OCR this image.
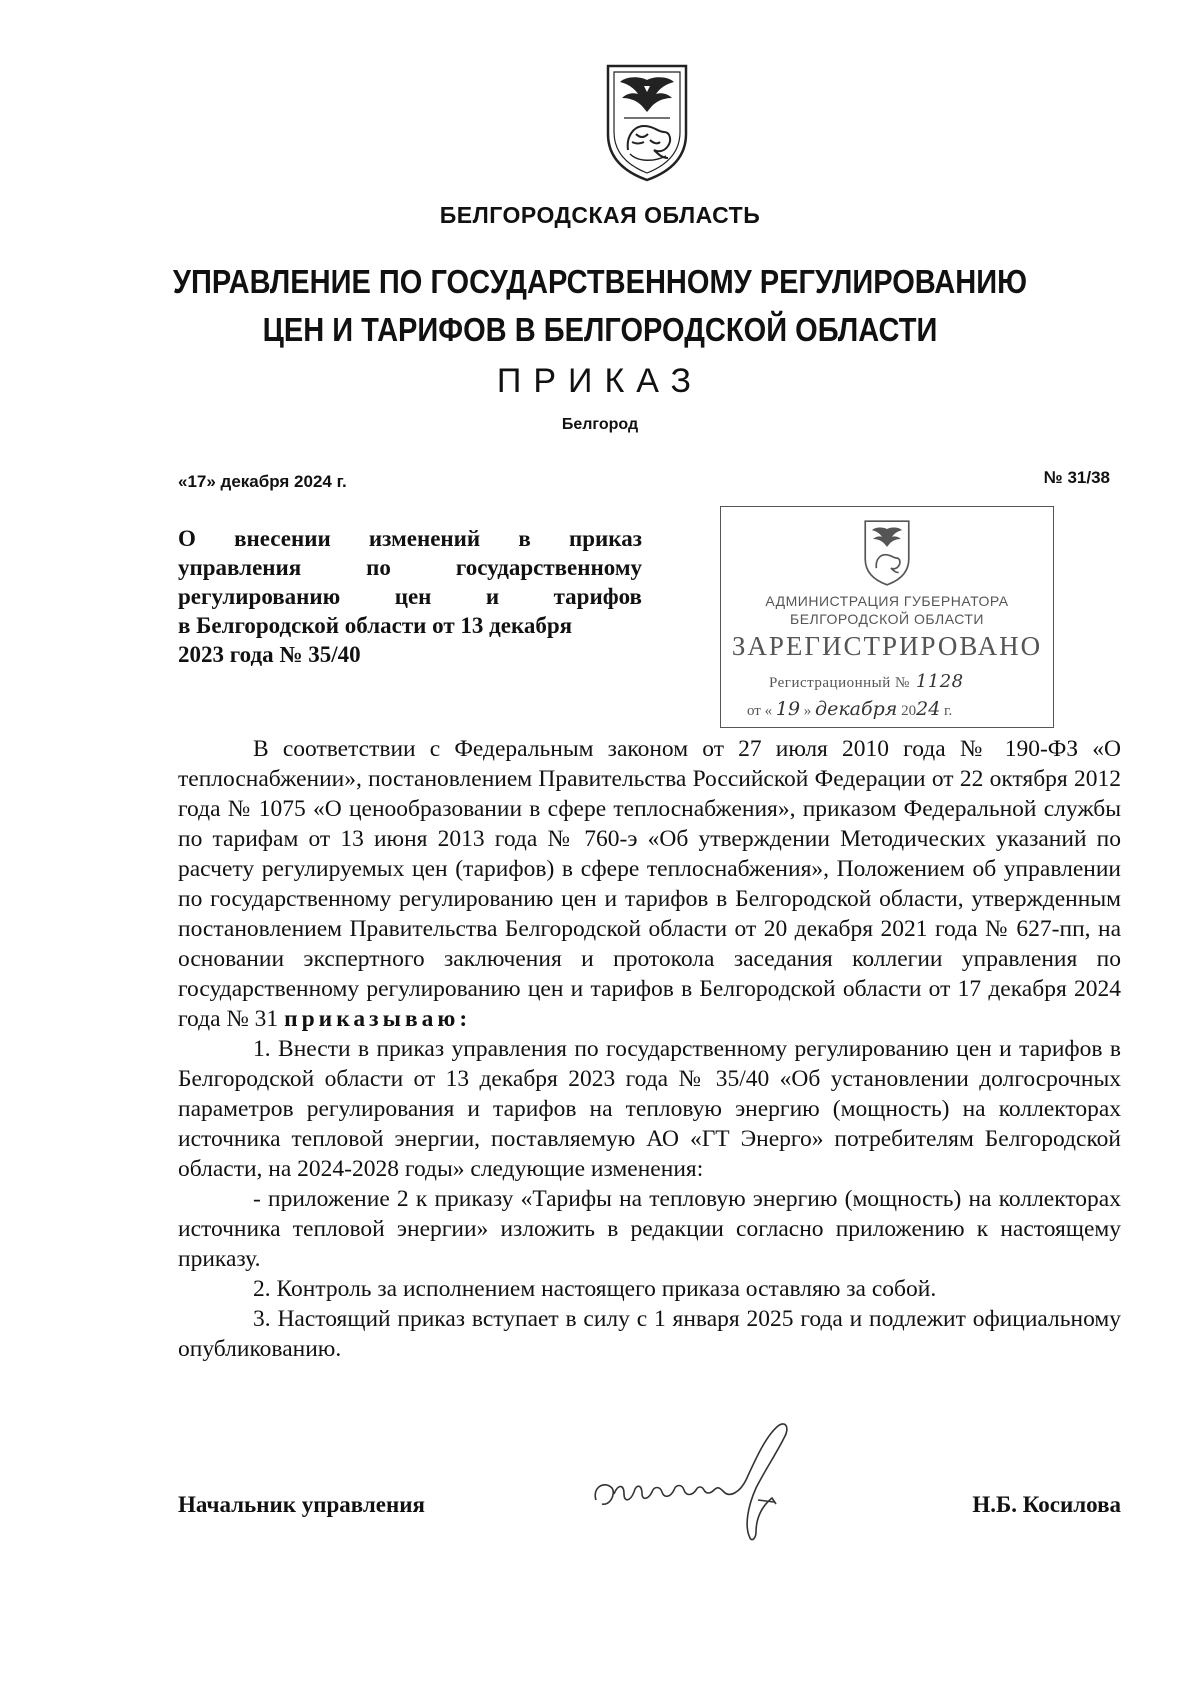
БЕЛГОРОДСКАЯ ОБЛАСТЬ
УПРАВЛЕНИЕ ПО ГОСУДАРСТВЕННОМУ РЕГУЛИРОВАНИЮ
ЦЕН И ТАРИФОВ В БЕЛГОРОДСКОЙ ОБЛАСТИ
ПРИКАЗ
Белгород
«17» декабря 2024 г.	№ 31/38
О внесении изменений в приказ
управления	по	государственному
регулированию цен и тарифов
в Белгородской области от 13 декабря
2023 года № 35/40
АДМИНИСТРАЦИЯ ГУБЕРНАТОРА
БЕЛГОРОДСКОЙ ОБЛАСТИ
ЗАРЕГИСТРИРОВАНО
Регистрационный № 1128
от « 19 » декабря 2024 г.

В соответствии с Федеральным законом от 27 июля 2010 года № 190-ФЗ «О теплоснабжении», постановлением Правительства Российской Федерации от 22 октября 2012 года № 1075 «О ценообразовании в сфере теплоснабжения», приказом Федеральной службы по тарифам от 13 июня 2013 года № 760-э «Об утверждении Методических указаний по расчету регулируемых цен (тарифов) в сфере теплоснабжения», Положением об управлении по государственному регулированию цен и тарифов в Белгородской области, утвержденным постановлением Правительства Белгородской области от 20 декабря 2021 года № 627-пп, на основании экспертного заключения и протокола заседания коллегии управления по государственному регулированию цен и тарифов в Белгородской области от 17 декабря 2024 года № 31 приказываю:

1. Внести в приказ управления по государственному регулированию цен и тарифов в Белгородской области от 13 декабря 2023 года № 35/40 «Об установлении долгосрочных параметров регулирования и тарифов на тепловую энергию (мощность) на коллекторах источника тепловой энергии, поставляемую АО «ГТ Энерго» потребителям Белгородской области, на 2024-2028 годы» следующие изменения:

- приложение 2 к приказу «Тарифы на тепловую энергию (мощность) на коллекторах источника тепловой энергии» изложить в редакции согласно приложению к настоящему приказу.

2. Контроль за исполнением настоящего приказа оставляю за собой.

3. Настоящий приказ вступает в силу с 1 января 2025 года и подлежит официальному опубликованию.

Начальник управления	Н.Б. Косилова
